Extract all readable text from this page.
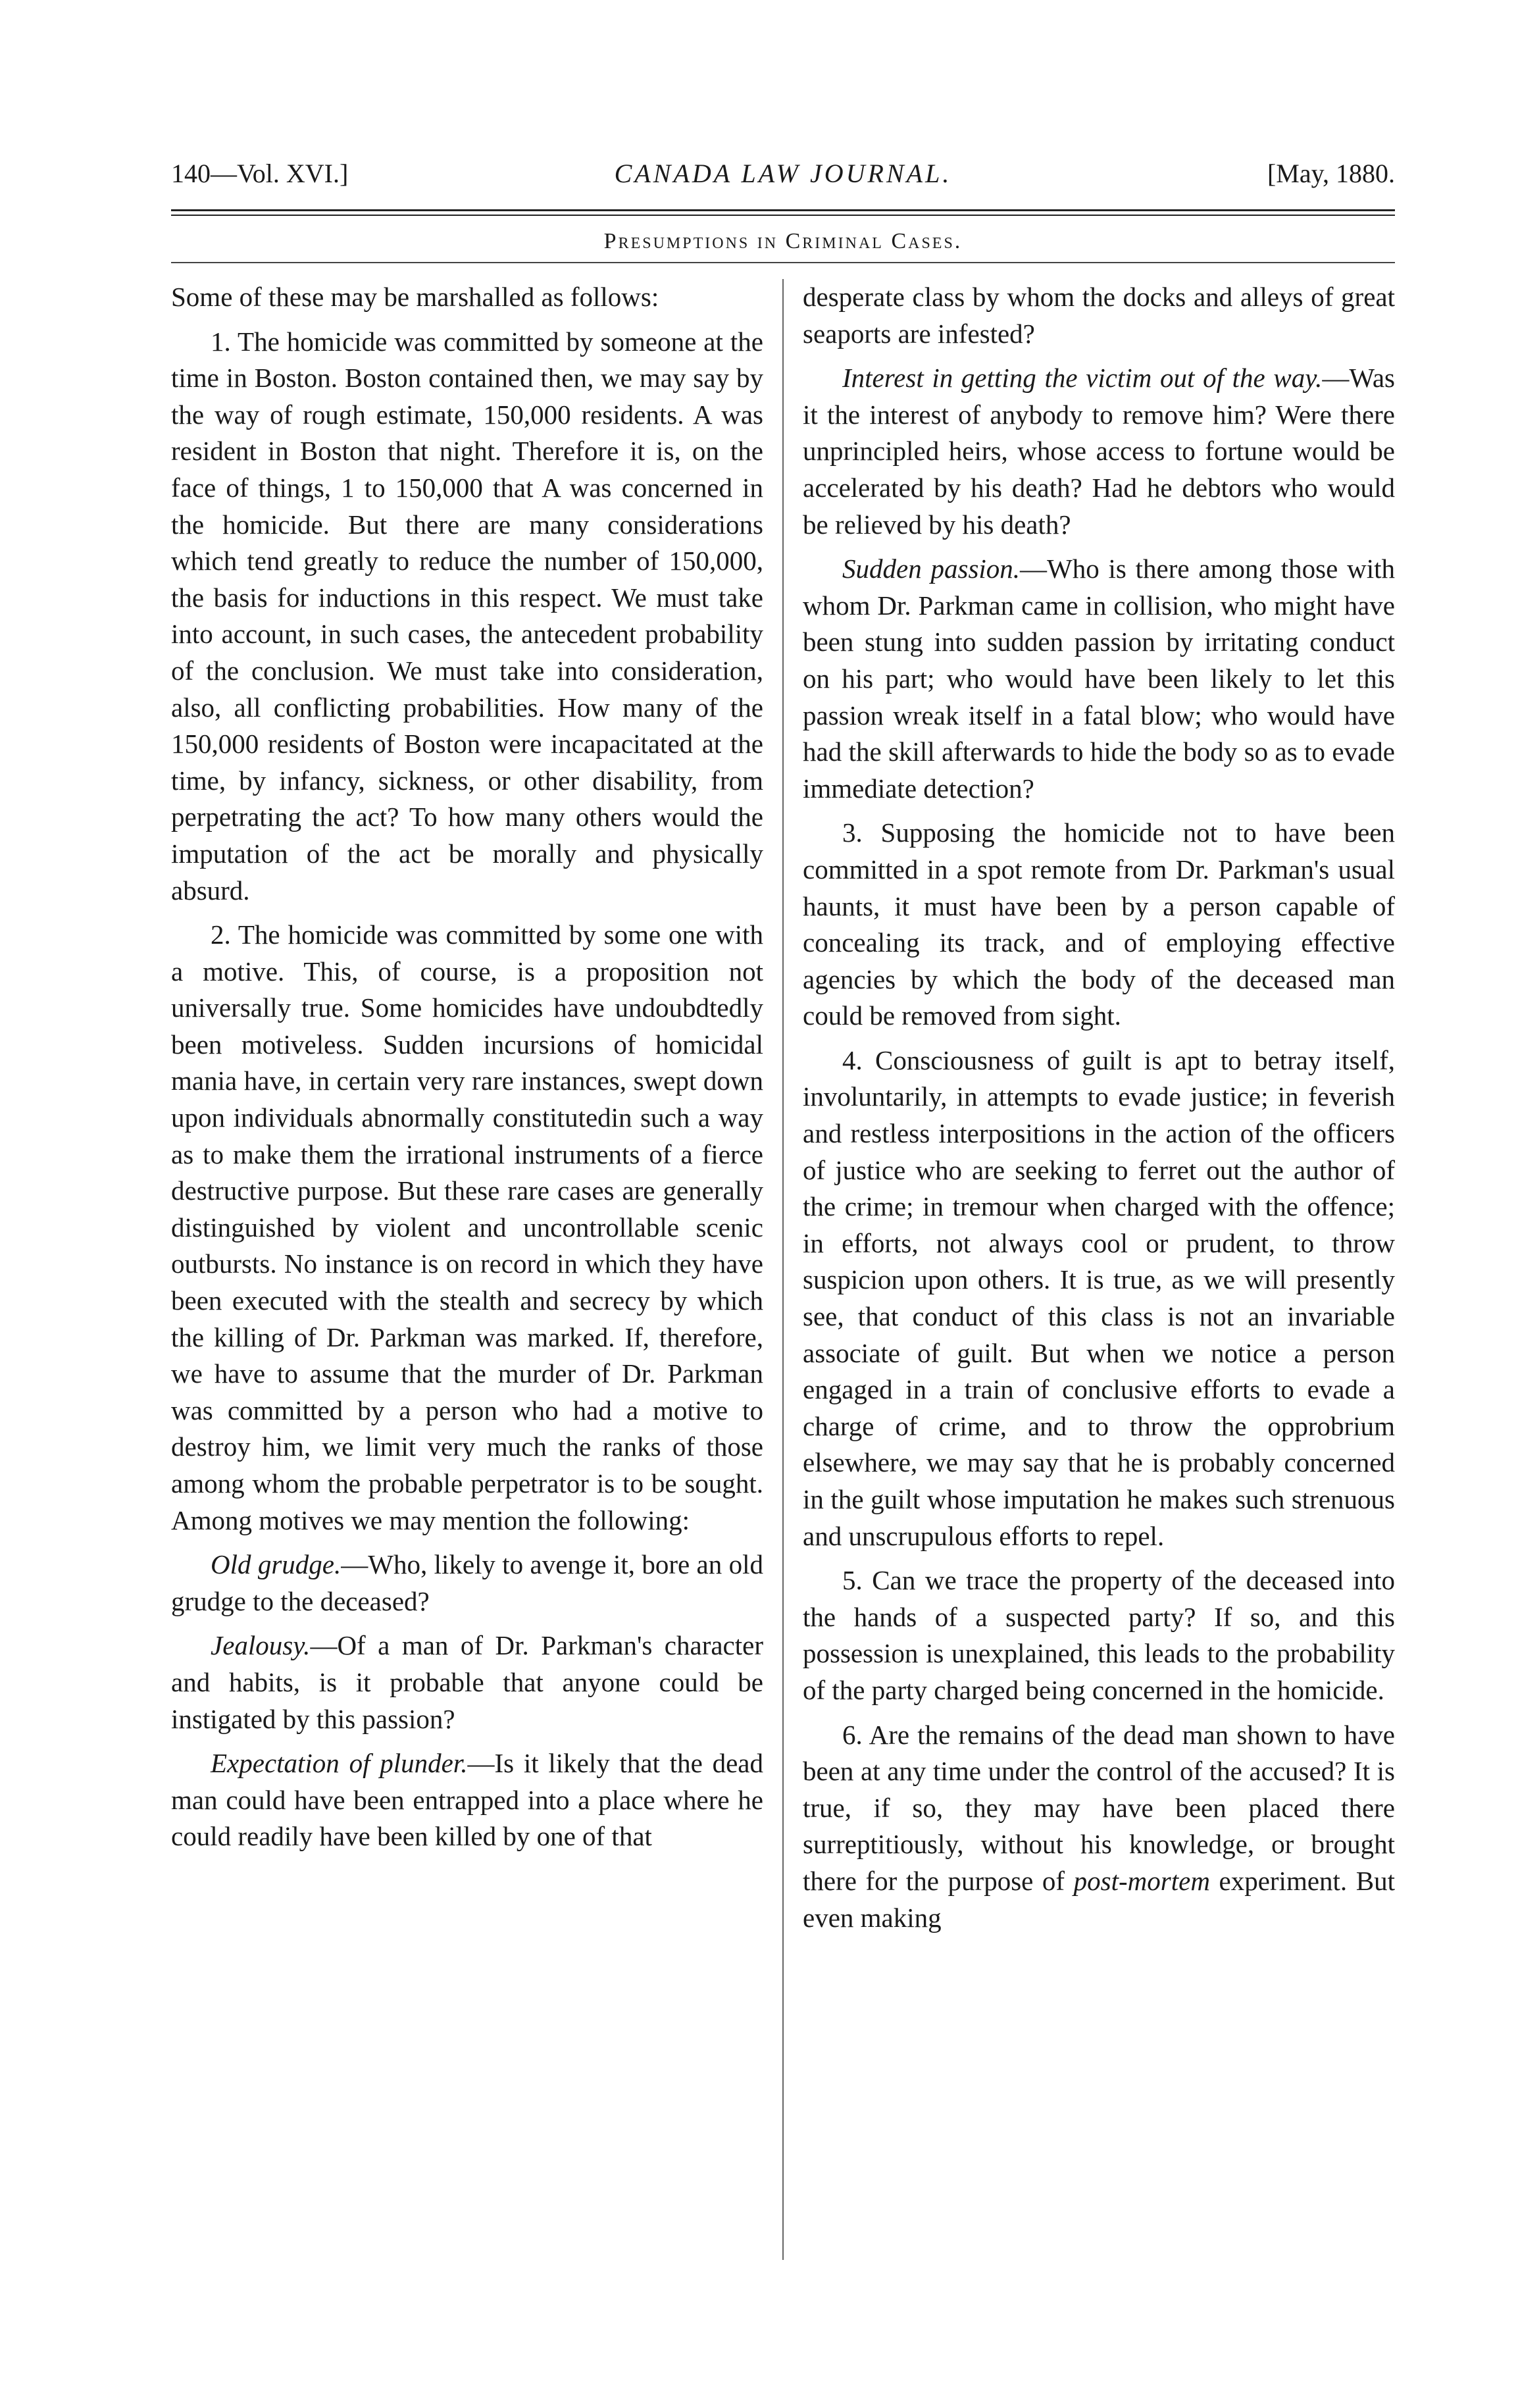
140—Vol. XVI.]	CANADA LAW JOURNAL.	[May, 1880.
Presumptions in Criminal Cases.

Some of these may be marshalled as follows:

1. The homicide was committed by someone at the time in Boston. Boston contained then, we may say by the way of rough estimate, 150,000 residents. A was resident in Boston that night. Therefore it is, on the face of things, 1 to 150,000 that A was concerned in the homicide. But there are many considerations which tend greatly to reduce the number of 150,000, the basis for inductions in this respect. We must take into account, in such cases, the antecedent probability of the conclusion. We must take into consideration, also, all conflicting probabilities. How many of the 150,000 residents of Boston were incapacitated at the time, by infancy, sickness, or other disability, from perpetrating the act? To how many others would the imputation of the act be morally and physically absurd.

2. The homicide was committed by some one with a motive. This, of course, is a proposition not universally true. Some homicides have undoubdtedly been motiveless. Sudden incursions of homicidal mania have, in certain very rare instances, swept down upon individuals abnormally constitutedin such a way as to make them the irrational instruments of a fierce destructive purpose. But these rare cases are generally distinguished by violent and uncontrollable scenic outbursts. No instance is on record in which they have been executed with the stealth and secrecy by which the killing of Dr. Parkman was marked. If, therefore, we have to assume that the murder of Dr. Parkman was committed by a person who had a motive to destroy him, we limit very much the ranks of those among whom the probable perpetrator is to be sought. Among motives we may mention the following:

Old grudge.—Who, likely to avenge it, bore an old grudge to the deceased?

Jealousy.—Of a man of Dr. Parkman's character and habits, is it probable that anyone could be instigated by this passion?

Expectation of plunder.—Is it likely that the dead man could have been entrapped into a place where he could readily have been killed by one of that

desperate class by whom the docks and alleys of great seaports are infested?

Interest in getting the victim out of the way.—Was it the interest of anybody to remove him? Were there unprincipled heirs, whose access to fortune would be accelerated by his death? Had he debtors who would be relieved by his death?

Sudden passion.—Who is there among those with whom Dr. Parkman came in collision, who might have been stung into sudden passion by irritating conduct on his part; who would have been likely to let this passion wreak itself in a fatal blow; who would have had the skill afterwards to hide the body so as to evade immediate detection?

3. Supposing the homicide not to have been committed in a spot remote from Dr. Parkman's usual haunts, it must have been by a person capable of concealing its track, and of employing effective agencies by which the body of the deceased man could be removed from sight.

4. Consciousness of guilt is apt to betray itself, involuntarily, in attempts to evade justice; in feverish and restless interpositions in the action of the officers of justice who are seeking to ferret out the author of the crime; in tremour when charged with the offence; in efforts, not always cool or prudent, to throw suspicion upon others. It is true, as we will presently see, that conduct of this class is not an invariable associate of guilt. But when we notice a person engaged in a train of conclusive efforts to evade a charge of crime, and to throw the opprobrium elsewhere, we may say that he is probably concerned in the guilt whose imputation he makes such strenuous and unscrupulous efforts to repel.

5. Can we trace the property of the deceased into the hands of a suspected party? If so, and this possession is unexplained, this leads to the probability of the party charged being concerned in the homicide.

6. Are the remains of the dead man shown to have been at any time under the control of the accused? It is true, if so, they may have been placed there surreptitiously, without his knowledge, or brought there for the purpose of post-mortem experiment. But even making
